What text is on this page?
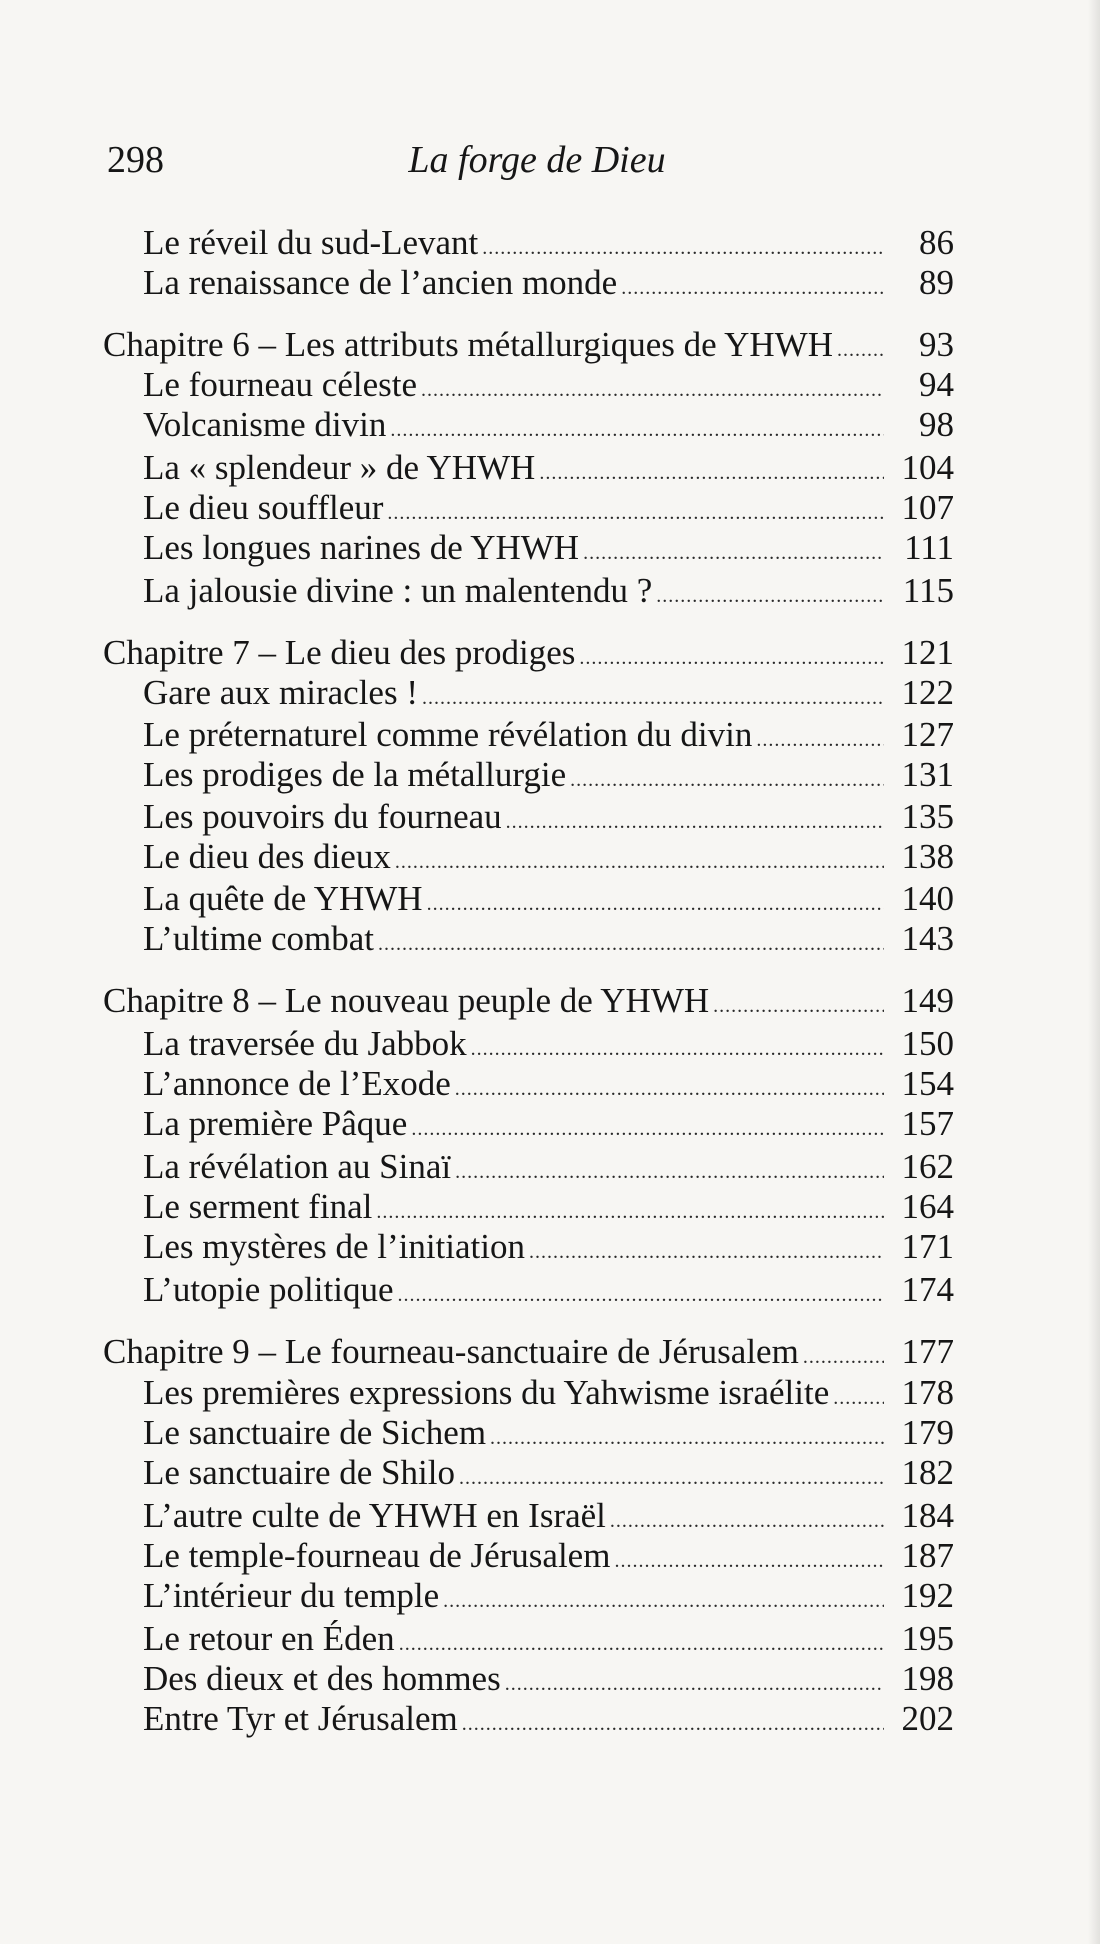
298	La forge de Dieu
Le réveil du sud-Levant .....	86
La renaissance de l’ancien monde .....	89
Chapitre 6 – Les attributs métallurgiques de YHWH .....	93
Le fourneau céleste .....	94
Volcanisme divin .....	98
La « splendeur » de YHWH .....	104
Le dieu souffleur .....	107
Les longues narines de YHWH .....	111
La jalousie divine : un malentendu ? .....	115
Chapitre 7 – Le dieu des prodiges .....	121
Gare aux miracles ! .....	122
Le préternaturel comme révélation du divin .....	127
Les prodiges de la métallurgie .....	131
Les pouvoirs du fourneau .....	135
Le dieu des dieux .....	138
La quête de YHWH .....	140
L’ultime combat .....	143
Chapitre 8 – Le nouveau peuple de YHWH .....	149
La traversée du Jabbok .....	150
L’annonce de l’Exode .....	154
La première Pâque .....	157
La révélation au Sinaï .....	162
Le serment final .....	164
Les mystères de l’initiation .....	171
L’utopie politique .....	174
Chapitre 9 – Le fourneau-sanctuaire de Jérusalem .....	177
Les premières expressions du Yahwisme israélite ..... 178
Le sanctuaire de Sichem .....	179
Le sanctuaire de Shilo .....	182
L’autre culte de YHWH en Israël .....	184
Le temple-fourneau de Jérusalem .....	187
L’intérieur du temple .....	192
Le retour en Éden .....	195
Des dieux et des hommes .....	198
Entre Tyr et Jérusalem .....	202
